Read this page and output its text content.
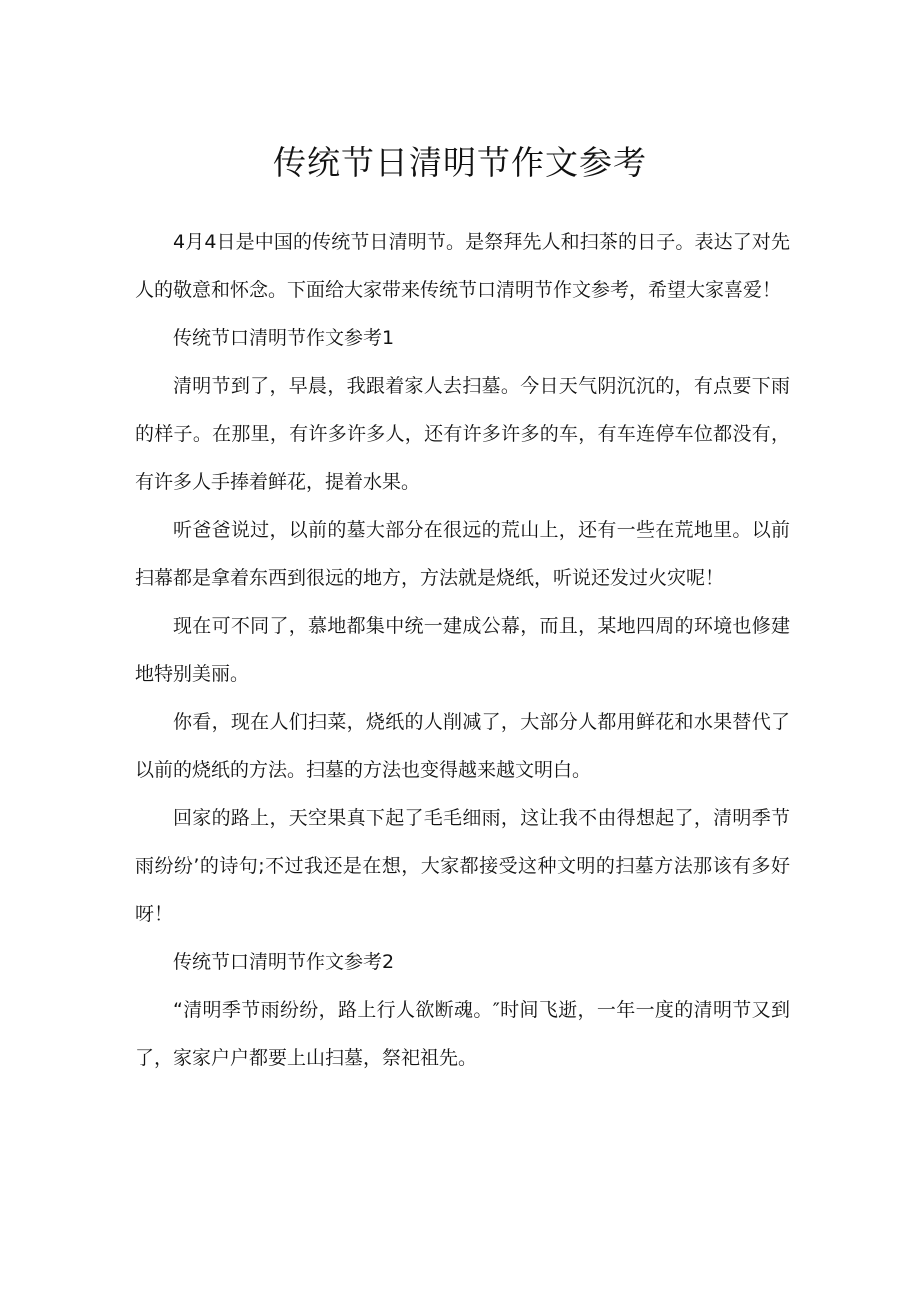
传统节日清明节作文参考

4月4日是中国的传统节日清明节。是祭拜先人和扫茶的日子。表达了对先人的敬意和怀念。下面给大家带来传统节口清明节作文参考，希望大家喜爱！

传统节口清明节作文参考1

清明节到了，早晨，我跟着家人去扫墓。今日天气阴沉沉的，有点要下雨的样子。在那里，有许多许多人，还有许多许多的车，有车连停车位都没有，有许多人手捧着鲜花，提着水果。

听爸爸说过，以前的墓大部分在很远的荒山上，还有一些在荒地里。以前扫幕都是拿着东西到很远的地方，方法就是烧纸，听说还发过火灾呢！

现在可不同了，慕地都集中统一建成公幕，而且，某地四周的环境也修建地特别美丽。

你看，现在人们扫菜，烧纸的人削减了，大部分人都用鲜花和水果替代了以前的烧纸的方法。扫墓的方法也变得越来越文明白。

回家的路上，天空果真下起了毛毛细雨，这让我不由得想起了，清明季节雨纷纷’的诗句;不过我还是在想，大家都接受这种文明的扫墓方法那该有多好呀！

传统节口清明节作文参考2

“清明季节雨纷纷，路上行人欲断魂。″时间飞逝，一年一度的清明节又到了，家家户户都要上山扫墓，祭祀祖先。
